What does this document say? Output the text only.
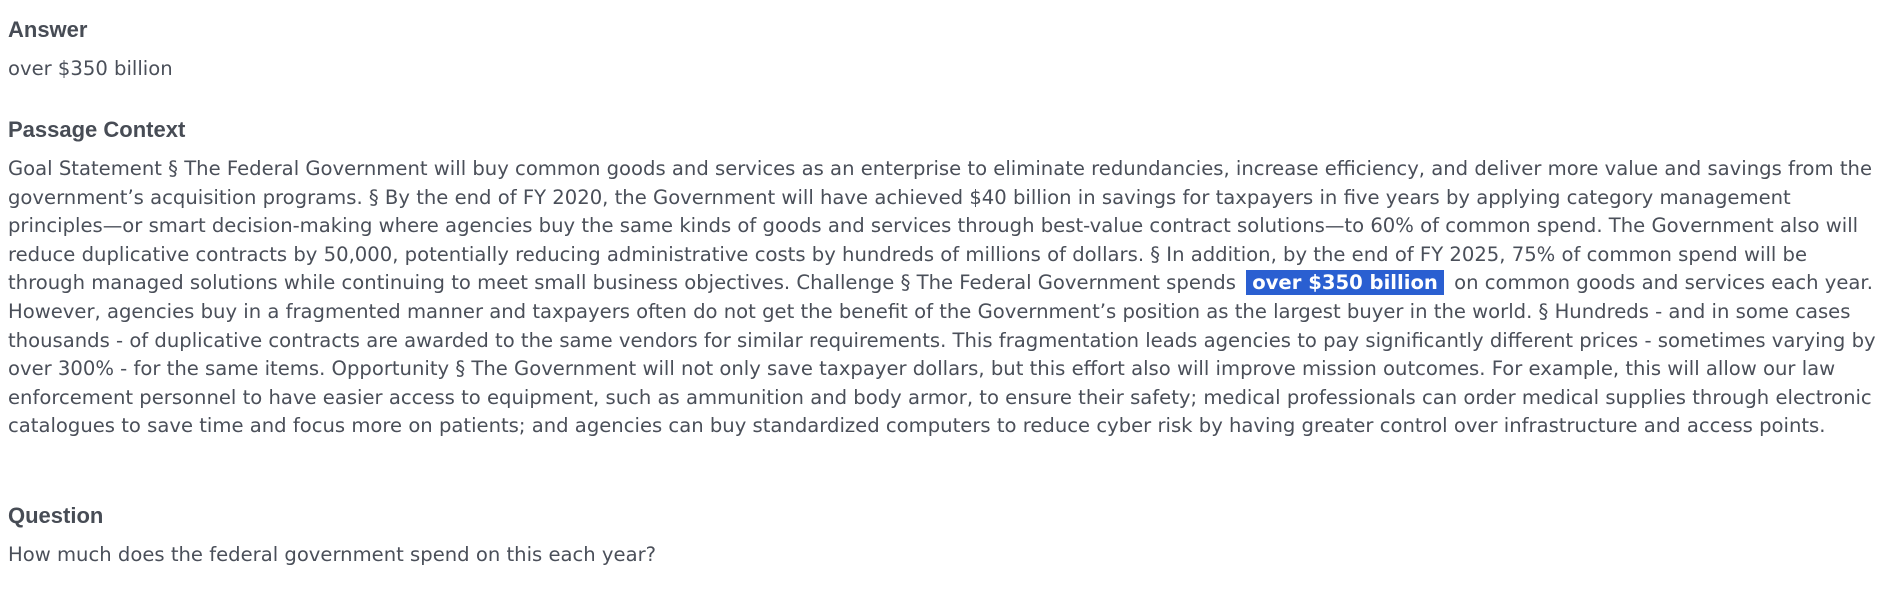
Answer

over $350 billion

Passage Context

Goal Statement § The Federal Government will buy common goods and services as an enterprise to eliminate redundancies, increase efficiency, and deliver more value and savings from the government’s acquisition programs. § By the end of FY 2020, the Government will have achieved $40 billion in savings for taxpayers in five years by applying category management principles—or smart decision-making where agencies buy the same kinds of goods and services through best-value contract solutions—to 60% of common spend. The Government also will reduce duplicative contracts by 50,000, potentially reducing administrative costs by hundreds of millions of dollars. § In addition, by the end of FY 2025, 75% of common spend will be through managed solutions while continuing to meet small business objectives. Challenge § The Federal Government spends over $350 billion on common goods and services each year. However, agencies buy in a fragmented manner and taxpayers often do not get the benefit of the Government’s position as the largest buyer in the world. § Hundreds - and in some cases thousands - of duplicative contracts are awarded to the same vendors for similar requirements. This fragmentation leads agencies to pay significantly different prices - sometimes varying by over 300% - for the same items. Opportunity § The Government will not only save taxpayer dollars, but this effort also will improve mission outcomes. For example, this will allow our law enforcement personnel to have easier access to equipment, such as ammunition and body armor, to ensure their safety; medical professionals can order medical supplies through electronic catalogues to save time and focus more on patients; and agencies can buy standardized computers to reduce cyber risk by having greater control over infrastructure and access points.

Question

How much does the federal government spend on this each year?
